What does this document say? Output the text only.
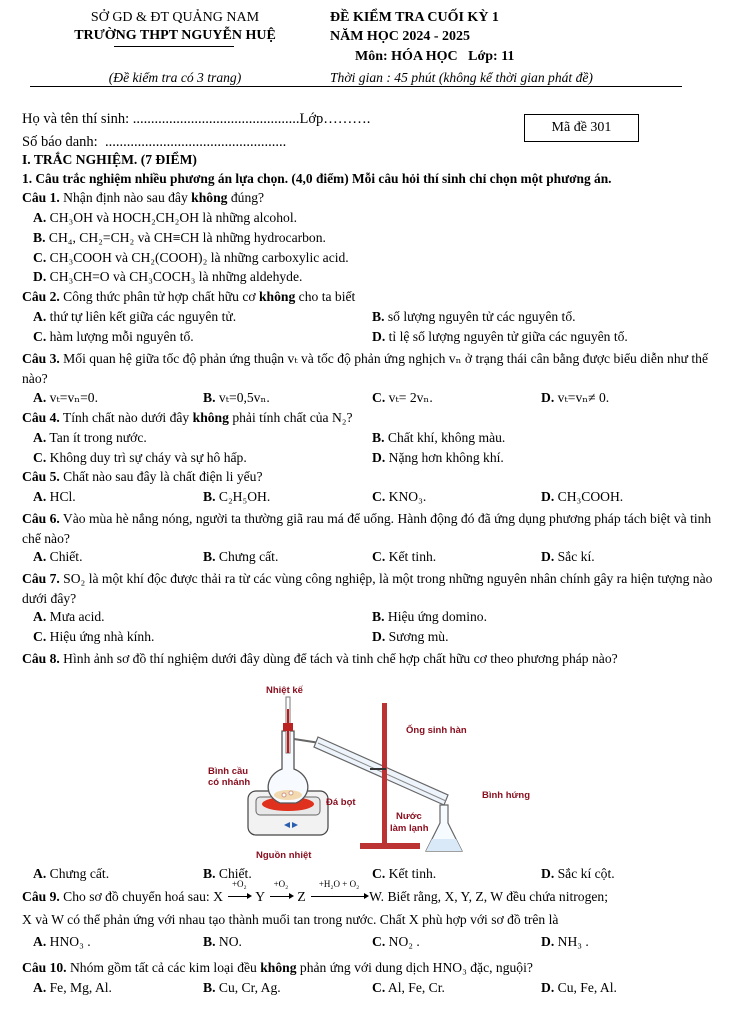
SỞ GD & ĐT QUẢNG NAM
TRƯỜNG THPT NGUYỄN HUỆ
(Đề kiểm tra có 3 trang)
ĐỀ KIỂM TRA CUỐI KỲ 1
NĂM HỌC 2024 - 2025
Môn: HÓA HỌC   Lớp: 11
Thời gian : 45 phút (không kể thời gian phát đề)
Họ và tên thí sinh: ..............................................Lớp……….
Số báo danh:  ..................................................
Mã đề 301
I. TRẮC NGHIỆM. (7 ĐIỂM)
1. Câu trắc nghiệm nhiều phương án lựa chọn. (4,0 điểm) Mỗi câu hỏi thí sinh chỉ chọn một phương án.
Câu 1. Nhận định nào sau đây không đúng?
A. CH₃OH và HOCH₂CH₂OH là những alcohol.
B. CH₄, CH₂=CH₂ và CH≡CH là những hydrocarbon.
C. CH₃COOH và CH₂(COOH)₂ là những carboxylic acid.
D. CH₃CH=O và CH₃COCH₃ là những aldehyde.
Câu 2. Công thức phân tử hợp chất hữu cơ không cho ta biết
A. thứ tự liên kết giữa các nguyên tử.	B. số lượng nguyên tử các nguyên tố.
C. hàm lượng mỗi nguyên tố.	D. tỉ lệ số lượng nguyên tử giữa các nguyên tố.
Câu 3. Mối quan hệ giữa tốc độ phản ứng thuận vₜ và tốc độ phản ứng nghịch vₙ ở trạng thái cân bằng được biểu diễn như thế nào?
A. vₜ=vₙ=0.	B. vₜ=0,5vₙ.	C. vₜ= 2vₙ.	D. vₜ=vₙ≠ 0.
Câu 4. Tính chất nào dưới đây không phải tính chất của N₂?
A. Tan ít trong nước.	B. Chất khí, không màu.
C. Không duy trì sự cháy và sự hô hấp.	D. Nặng hơn không khí.
Câu 5. Chất nào sau đây là chất điện li yếu?
A. HCl.	B. C₂H₅OH.	C. KNO₃.	D. CH₃COOH.
Câu 6. Vào mùa hè nắng nóng, người ta thường giã rau má để uống. Hành động đó đã ứng dụng phương pháp tách biệt và tinh chế nào?
A. Chiết.	B. Chưng cất.	C. Kết tinh.	D. Sắc kí.
Câu 7. SO₂ là một khí độc được thải ra từ các vùng công nghiệp, là một trong những nguyên nhân chính gây ra hiện tượng nào dưới đây?
A. Mưa acid.	B. Hiệu ứng domino.
C. Hiệu ứng nhà kính.	D. Sương mù.
Câu 8. Hình ảnh sơ đồ thí nghiệm dưới đây dùng để tách và tinh chế hợp chất hữu cơ theo phương pháp nào?
Nhiệt kế
Ống sinh hàn
Bình cầu
có nhánh
Đá bọt
Bình hứng
Nước
làm lạnh
Nguồn nhiệt
A. Chưng cất.	B. Chiết.	C. Kết tinh.	D. Sắc kí cột.
Câu 9. Cho sơ đồ chuyển hoá sau: X
+O₂
Y
+O₂
Z
+H₂O + O₂
W. Biết rằng, X, Y, Z, W đều chứa nitrogen;
X và W có thể phản ứng với nhau tạo thành muối tan trong nước. Chất X phù hợp với sơ đồ trên là
A. HNO₃ .	B. NO.	C. NO₂ .	D. NH₃ .
Câu 10. Nhóm gồm tất cả các kim loại đều không phản ứng với dung dịch HNO₃ đặc, nguội?
A. Fe, Mg, Al.	B. Cu, Cr, Ag.	C. Al, Fe, Cr.	D. Cu, Fe, Al.
